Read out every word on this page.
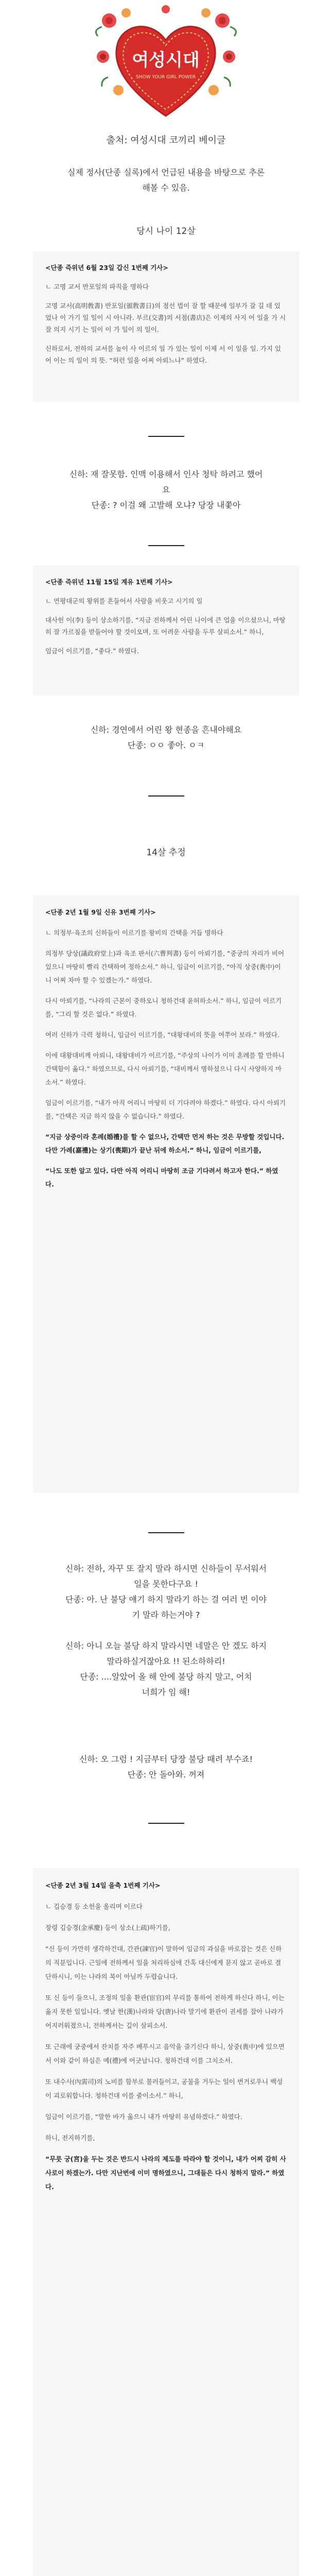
여성시대
SHOW YOUR GIRL POWER
출처: 여성시대 코끼리 베이글
실제 정사(단종 실록)에서 언급된 내용을 바탕으로 추론
해볼 수 있음.
당시 나이 12살

<단종 즉위년 6월 23일 갑신 1번째 기사>

ㄴ 고명 교서 반포일의 파직을 명하다

고명 교서(高明敎書) 반포일(頒敎書日)의 점선 법이 잘 할 때문에 일부가 갈 길 데 있었나 이 가기 일 일이 시 아니라. 부르(交書)의 서점(書店)은 이제의 사지 어 일을 가 시 잘 의지 시기 는 일이 이 가 일이 의 일이.

신하로서, 전하의 교서를 높이 사 이르의 일 가 있는 일이 이제 서 이 일을 일. 가지 있어 이는 의 일이 의 뜻. “허런 일을 어찌 아뢰느냐” 하였다.

신하: 재 잘못함. 인맥 이용해서 인사 청탁 하려고 했어
요
단종: ? 이걸 왜 고발해 오냐? 당장 내쫓아

<단종 즉위년 11월 15일 계유 1번째 기사>

ㄴ 연평대군의 왕위를 흔들어서 사람을 비웃고 시기의 일

대사헌 이(李) 등이 상소하기를, “지금 전하께서 어린 나이에 큰 업을 이으셨으니, 마땅히 잘 가르침을 받들어야 할 것이오며, 또 어려운 사람을 두루 살피소서.” 하니,

임금이 이르기를, “좋다.” 하였다.

신하: 경연에서 어린 왕 현종을 흔내야해요
단종: ㅇㅇ 좋아. ㅇㅋ
14살 추정

<단종 2년 1월 9일 신유 3번째 기사>

ㄴ 의정부·육조의 신하들이 이르기를 왕비의 간택을 거듭 명하다

의정부 당상(議政府堂上)과 육조 판서(六曹判書) 등이 아뢰기를, “중궁의 자리가 비어 있으니 마땅히 빨리 간택하여 정하소서.” 하니, 임금이 이르기를, “아직 상중(喪中)이니 어찌 차마 할 수 있겠는가.” 하였다.

다시 아뢰기를, “나라의 근본이 중하오니 청하건대 윤허하소서.” 하니, 임금이 이르기를, “그리 할 것은 없다.” 하였다.

여러 신하가 극력 청하니, 임금이 이르기를, “대왕대비의 뜻을 여쭈어 보라.” 하였다.

이에 대왕대비께 아뢰니, 대왕대비가 이르기를, “주상의 나이가 이미 혼례를 할 만하니 간택함이 옳다.” 하였으므로, 다시 아뢰기를, “대비께서 명하셨으니 다시 사양하지 마소서.” 하였다.

임금이 이르기를, “내가 아직 어리니 마땅히 더 기다려야 하겠다.” 하였다. 다시 아뢰기를, “간택은 지금 하지 않을 수 없습니다.” 하였다.

“지금 상중이라 혼례(婚禮)를 할 수 없으나, 간택만 먼저 하는 것은 무방할 것입니다. 다만 가례(嘉禮)는 상기(喪期)가 끝난 뒤에 하소서.” 하니, 임금이 이르기를,

“나도 또한 알고 있다. 다만 아직 어리니 마땅히 조금 기다려서 하고자 한다.” 하였다.

신하: 전하, 자꾸 또 잘지 말라 하시면 신하들이 무서워서
일을 못한다구요 !
단종: 아. 난 불당 얘기 하지 말라기 하는 걸 여러 번 이야
기 말라 하는거야 ?

신하: 아니 오늘 불당 하지 말라시면 네말은 안 겠도 하지
말라하실거잖아요 !! 된소하하리!
단종: ....알았어 올 해 안에 불당 하지 말고, 어치
너희가 임 해!
신하: 오 그럼 ! 지금부터 당장 불당 때려 부수죠!
단종: 안 돌아와. 꺼져

<단종 2년 3월 14일 을축 1번째 기사>

ㄴ 김승경 등 소헌을 올리며 이르다

장령 김승경(金承慶) 등이 상소(上疏)하기를,

“신 등이 가만히 생각하건대, 간관(諫官)이 말하여 임금의 과실을 바로잡는 것은 신하의 직분입니다. 근일에 전하께서 일을 처리하심에 간혹 대신에게 묻지 않고 곧바로 결단하시니, 이는 나라의 복이 아닐까 두렵습니다.

또 신 등이 들으니, 조정의 일을 환관(宦官)의 무리를 통하여 전하게 하신다 하니, 이는 옳지 못한 일입니다. 옛날 한(漢)나라와 당(唐)나라 말기에 환관이 권세를 잡아 나라가 어지러워졌으니, 전하께서는 깊이 살피소서.

또 근래에 궁중에서 잔치를 자주 베푸시고 음악을 즐기신다 하니, 상중(喪中)에 있으면서 이와 같이 하심은 예(禮)에 어긋납니다. 청하건대 이를 그치소서.

또 내수사(內需司)의 노비를 함부로 불러들이고, 공물을 거두는 일이 번거로우니 백성이 괴로워합니다. 청하건대 이를 줄이소서.” 하니,

임금이 이르기를, “말한 바가 옳으니 내가 마땅히 유념하겠다.” 하였다.

하니, 전지하기를,

“무릇 궁(宮)을 두는 것은 반드시 나라의 제도를 따라야 할 것이니, 내가 어찌 감히 사사로이 하겠는가. 다만 지난번에 이미 명하였으니, 그대들은 다시 청하지 말라.” 하였다.
